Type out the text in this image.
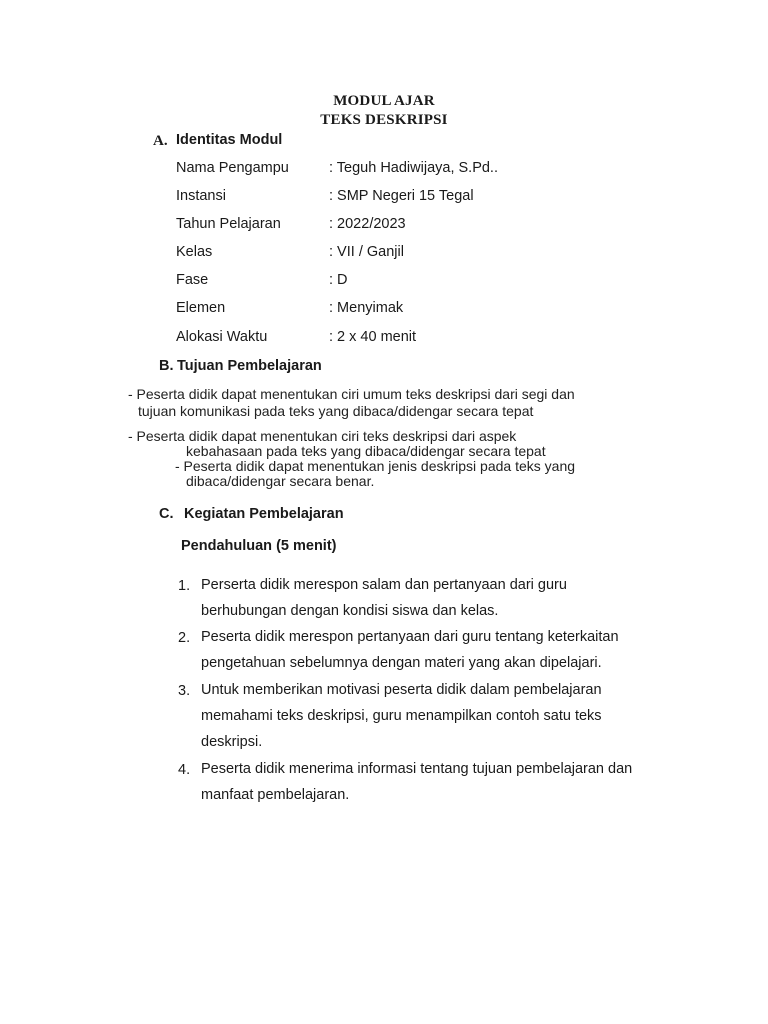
MODUL AJAR
TEKS DESKRIPSI
A. Identitas Modul
Nama Pengampu	: Teguh Hadiwijaya, S.Pd..
Instansi	: SMP Negeri 15 Tegal
Tahun Pelajaran	: 2022/2023
Kelas	: VII / Ganjil
Fase	: D
Elemen	: Menyimak
Alokasi Waktu	: 2 x 40 menit
B. Tujuan Pembelajaran
- Peserta didik dapat menentukan ciri umum teks deskripsi dari segi dan
tujuan komunikasi pada teks yang dibaca/didengar secara tepat
- Peserta didik dapat menentukan ciri teks deskripsi dari aspek
kebahasaan pada teks yang dibaca/didengar secara tepat
- Peserta didik dapat menentukan jenis deskripsi pada teks yang
dibaca/didengar secara benar.
C. Kegiatan Pembelajaran
Pendahuluan (5 menit)
1. Perserta didik merespon salam dan pertanyaan dari guru
berhubungan dengan kondisi siswa dan kelas.
2. Peserta didik merespon pertanyaan dari guru tentang keterkaitan
pengetahuan sebelumnya dengan materi yang akan dipelajari.
3. Untuk memberikan motivasi peserta didik dalam pembelajaran
memahami teks deskripsi, guru menampilkan contoh satu teks
deskripsi.
4. Peserta didik menerima informasi tentang tujuan pembelajaran dan
manfaat pembelajaran.
